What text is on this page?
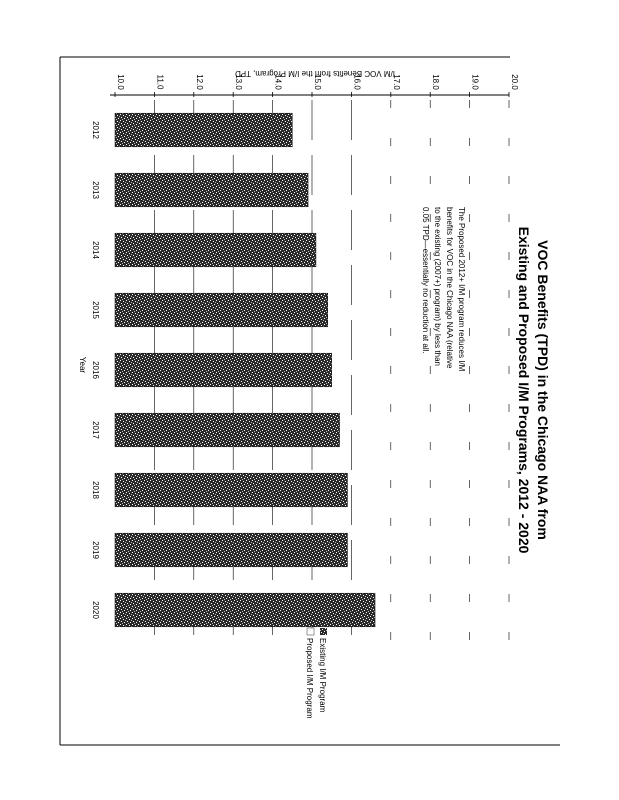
I/M VOC Benefits from the I/M Program, TPD
10.0	11.0	12.0	13.0	14.0	15.0	16.0	17.0	18.0	19.0	20.0
2012
2013
2014
2015
2016
2017
2018
2019
2020
VOC Benefits (TPD) in the Chicago NAA from
Existing and Proposed I/M Programs, 2012 - 2020
The Proposed 2012+ I/M program reduces I/M
benefits for VOC in the Chicago NAA (relative
to the existing (2007+) program) by less than
0.05 TPD—essentially no reduction at all.
Year
Existing I/M Program
Proposed I/M Program
